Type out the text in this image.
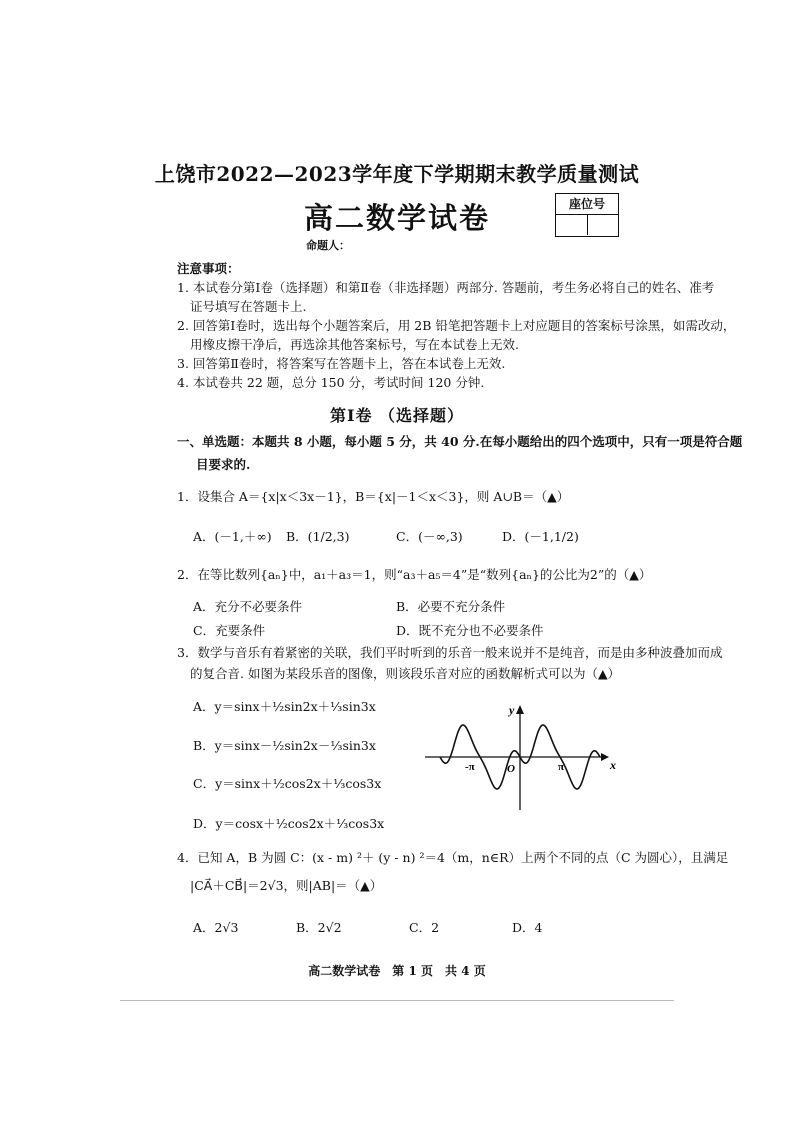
上饶市2022—2023学年度下学期期末教学质量测试
高二数学试卷	座位号
命题人：
注意事项：
1. 本试卷分第Ⅰ卷（选择题）和第Ⅱ卷（非选择题）两部分. 答题前，考生务必将自己的姓名、准考
证号填写在答题卡上.
2. 回答第Ⅰ卷时，选出每个小题答案后，用 2B 铅笔把答题卡上对应题目的答案标号涂黑，如需改动，
用橡皮擦干净后，再选涂其他答案标号，写在本试卷上无效.
3. 回答第Ⅱ卷时，将答案写在答题卡上，答在本试卷上无效.
4. 本试卷共 22 题，总分 150 分，考试时间 120 分钟.
第Ⅰ卷 （选择题）
一、单选题：本题共 8 小题，每小题 5 分，共 40 分.在每小题给出的四个选项中，只有一项是符合题
目要求的.
1．设集合 A＝{x|x＜3x－1}，B＝{x|－1＜x＜3}，则 A∪B＝（▲）
A．(－1,＋∞) B．(1/2,3)	C．(－∞,3)	D．(－1,1/2)
2．在等比数列{aₙ}中，a₁＋a₃＝1，则“a₃＋a₅＝4”是“数列{aₙ}的公比为2”的（▲）
A．充分不必要条件	B．必要不充分条件
C．充要条件	D．既不充分也不必要条件
3．数学与音乐有着紧密的关联，我们平时听到的乐音一般来说并不是纯音，而是由多种波叠加而成
的复合音. 如图为某段乐音的图像，则该段乐音对应的函数解析式可以为（▲）
A．y＝sinx＋½sin2x＋⅓sin3x
B．y＝sinx－½sin2x－⅓sin3x
C．y＝sinx＋½cos2x＋⅓cos3x
D．y＝cosx＋½cos2x＋⅓cos3x
y
x
-π	O	π
4．已知 A，B 为圆 C：(x - m) ²＋ (y - n) ²＝4（m，n∈R）上两个不同的点（C 为圆心），且满足
|CA⃗＋CB⃗|＝2√3，则|AB|＝（▲）
A．2√3	B．2√2	C．2	D．4
高二数学试卷　第 1 页　共 4 页
